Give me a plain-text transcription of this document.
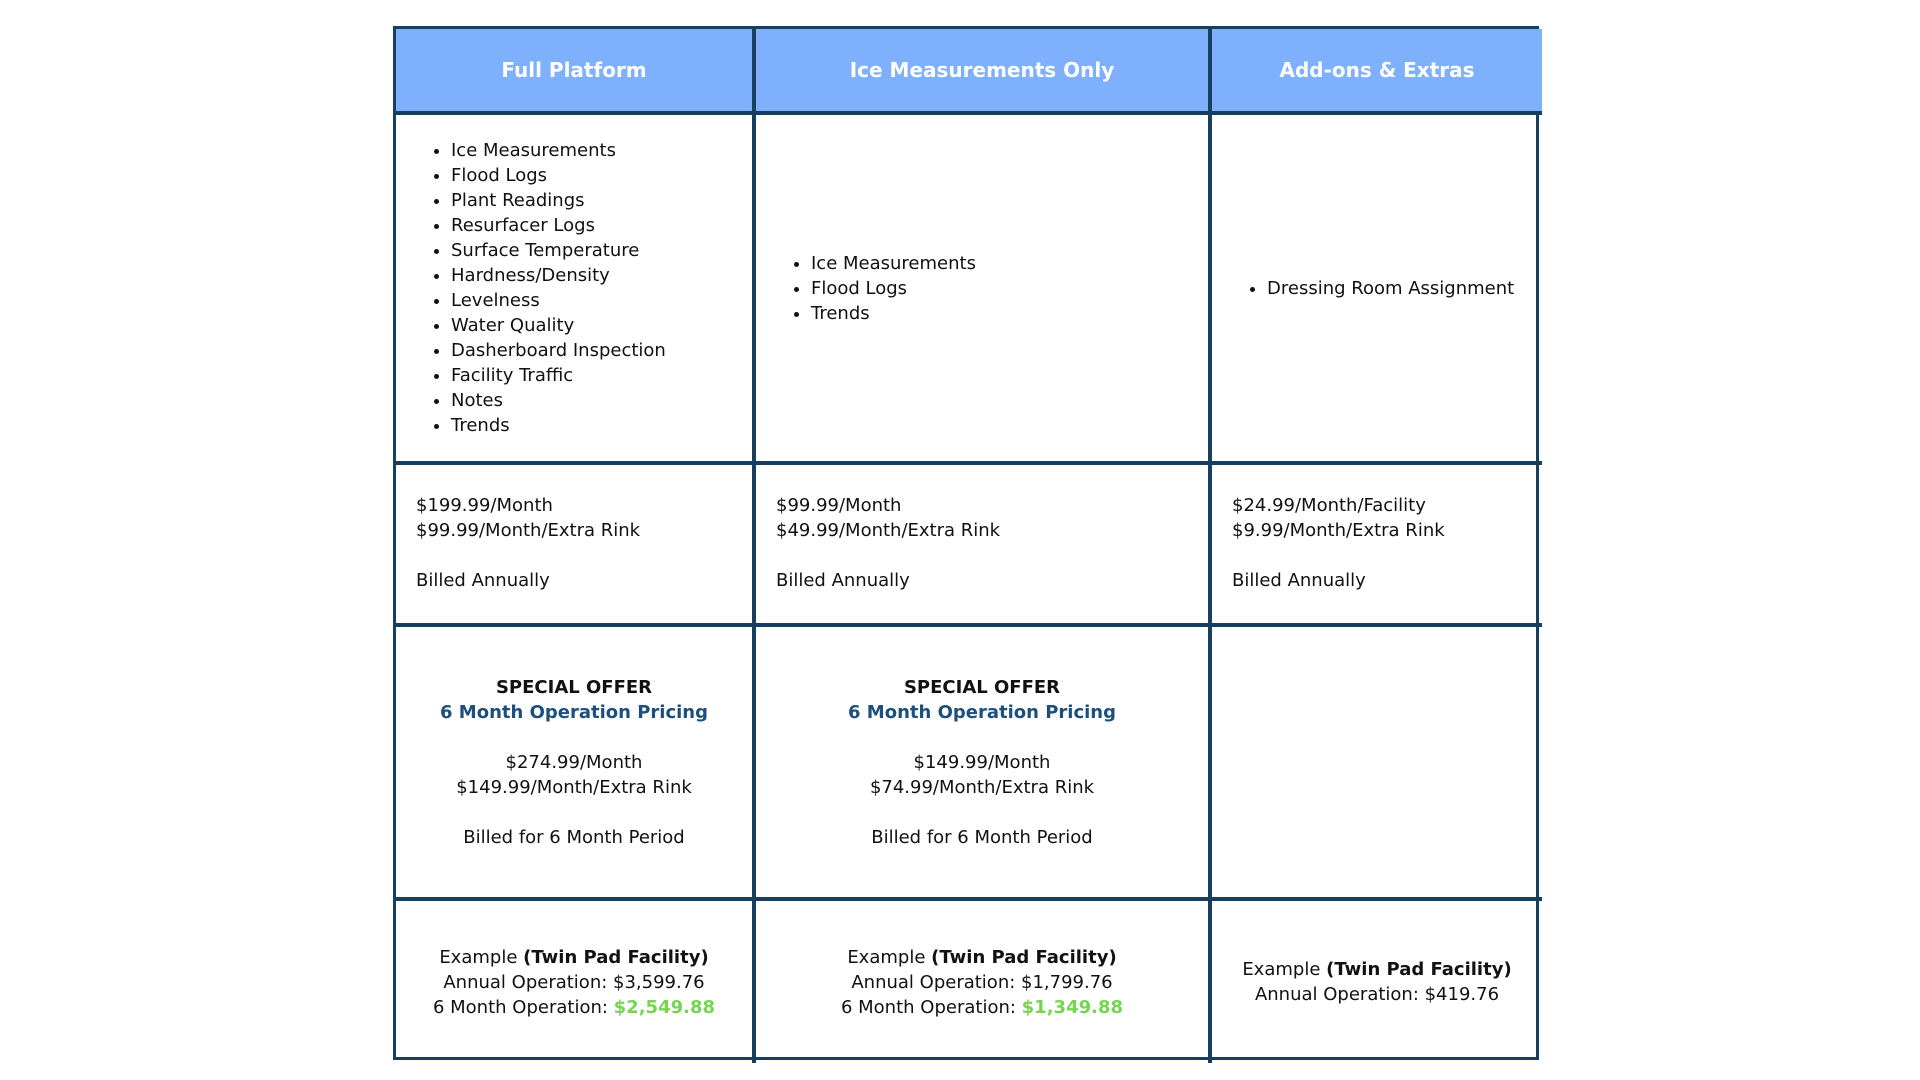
Full Platform	Ice Measurements Only	Add-ons & Extras
• Ice Measurements
• Flood Logs
• Plant Readings
• Resurfacer Logs
• Surface Temperature
• Hardness/Density
• Levelness
• Water Quality
• Dasherboard Inspection
• Facility Traffic
• Notes
• Trends
• Ice Measurements
• Flood Logs
• Trends
• Dressing Room Assignment
$199.99/Month
$99.99/Month/Extra Rink
Billed Annually
$99.99/Month
$49.99/Month/Extra Rink
Billed Annually
$24.99/Month/Facility
$9.99/Month/Extra Rink
Billed Annually
SPECIAL OFFER
6 Month Operation Pricing
$274.99/Month
$149.99/Month/Extra Rink
Billed for 6 Month Period
SPECIAL OFFER
6 Month Operation Pricing
$149.99/Month
$74.99/Month/Extra Rink
Billed for 6 Month Period
Example (Twin Pad Facility)
Annual Operation: $3,599.76
6 Month Operation: $2,549.88
Example (Twin Pad Facility)
Annual Operation: $1,799.76
6 Month Operation: $1,349.88
Example (Twin Pad Facility)
Annual Operation: $419.76
